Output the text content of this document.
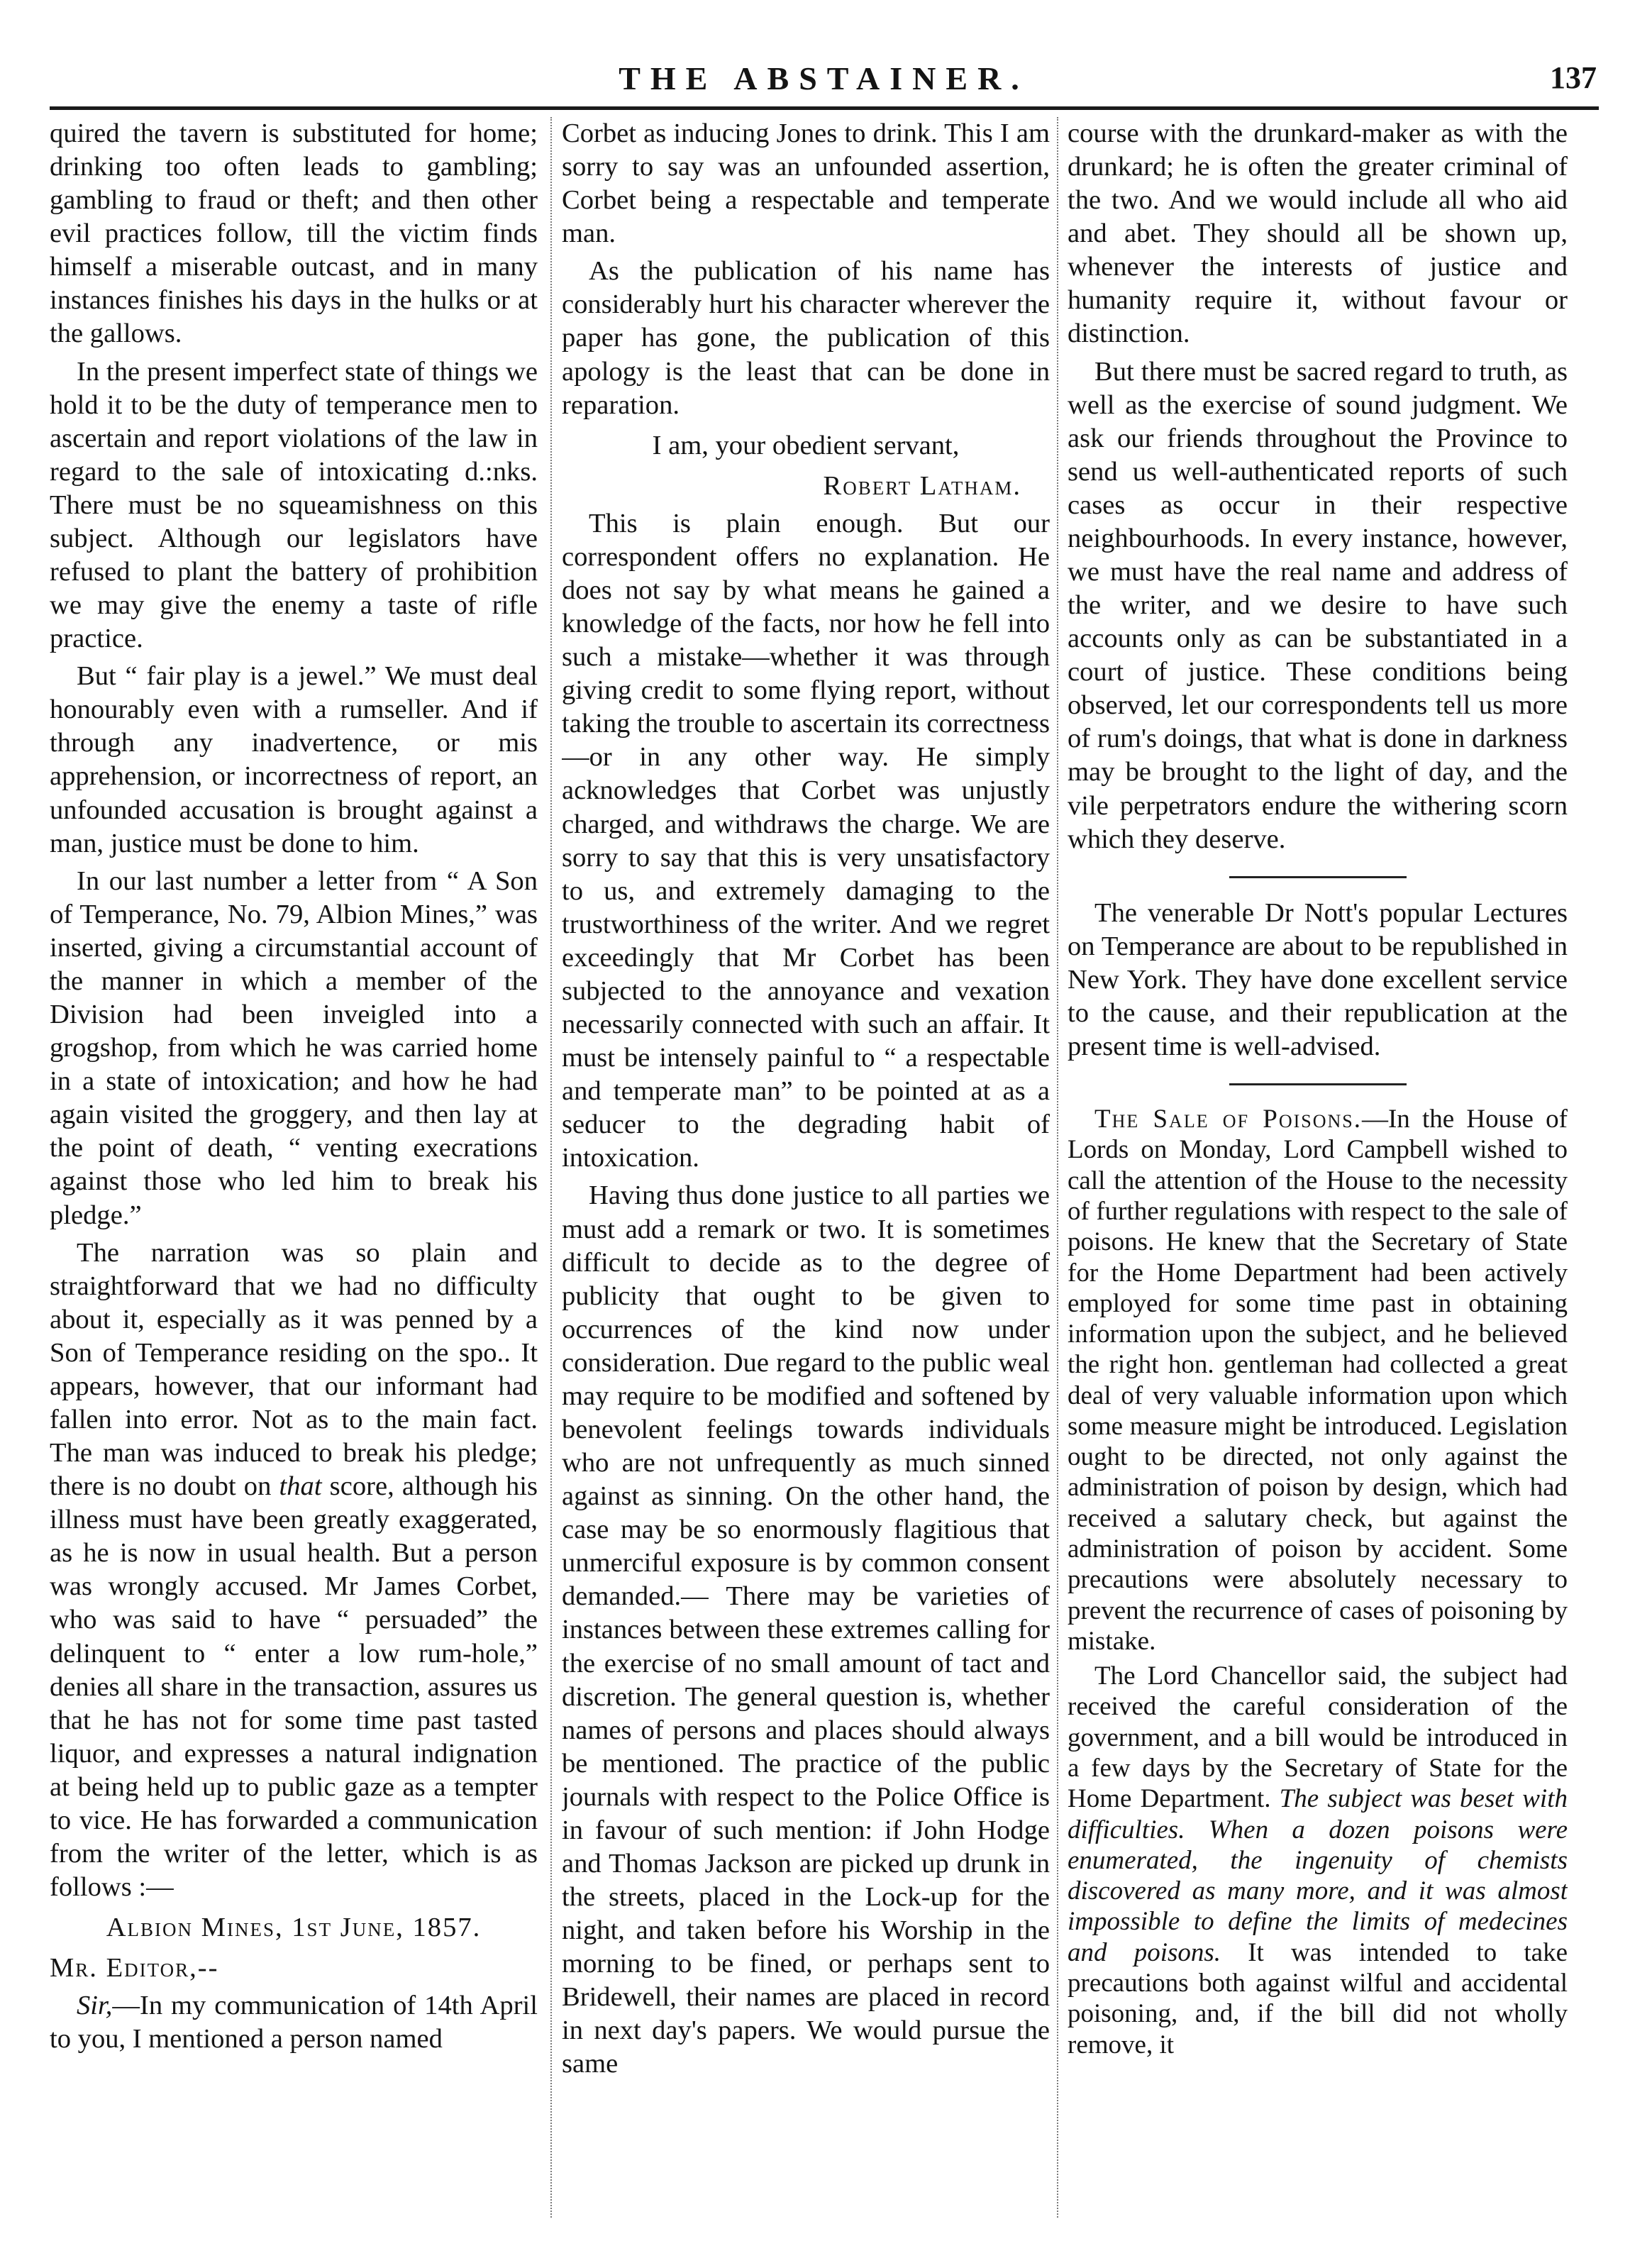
THE ABSTAINER.	137

quired the tavern is substituted for home; drinking too often leads to gambling; gambling to fraud or theft; and then other evil practices follow, till the victim finds himself a miserable outcast, and in many instances finishes his days in the hulks or at the gallows.

In the present imperfect state of things we hold it to be the duty of temperance men to ascertain and report violations of the law in regard to the sale of intoxicating d.:nks. There must be no squeamishness on this subject. Although our legislators have refused to plant the battery of prohibition we may give the enemy a taste of rifle practice.

But “ fair play is a jewel.” We must deal honourably even with a rumseller. And if through any inadvertence, or mis apprehension, or incorrectness of report, an unfounded accusation is brought against a man, justice must be done to him.

In our last number a letter from “ A Son of Temperance, No. 79, Albion Mines,” was inserted, giving a circumstantial account of the manner in which a member of the Division had been inveigled into a grogshop, from which he was carried home in a state of intoxication; and how he had again visited the groggery, and then lay at the point of death, “ venting execrations against those who led him to break his pledge.”

The narration was so plain and straightforward that we had no difficulty about it, especially as it was penned by a Son of Temperance residing on the spo.. It appears, however, that our informant had fallen into error. Not as to the main fact. The man was induced to break his pledge; there is no doubt on that score, although his illness must have been greatly exaggerated, as he is now in usual health. But a person was wrongly accused. Mr James Corbet, who was said to have “ persuaded” the delinquent to “ enter a low rum-hole,” denies all share in the transaction, assures us that he has not for some time past tasted liquor, and expresses a natural indignation at being held up to public gaze as a tempter to vice. He has forwarded a communication from the writer of the letter, which is as follows :—

Albion Mines, 1st June, 1857.

Mr. Editor,--

Sir,—In my communication of 14th April to you, I mentioned a person named

Corbet as inducing Jones to drink. This I am sorry to say was an unfounded assertion, Corbet being a respectable and temperate man.

As the publication of his name has considerably hurt his character wherever the paper has gone, the publication of this apology is the least that can be done in reparation.

I am, your obedient servant,

Robert Latham.

This is plain enough. But our correspondent offers no explanation. He does not say by what means he gained a knowledge of the facts, nor how he fell into such a mistake—whether it was through giving credit to some flying report, without taking the trouble to ascertain its correctness—or in any other way. He simply acknowledges that Corbet was unjustly charged, and withdraws the charge. We are sorry to say that this is very unsatisfactory to us, and extremely damaging to the trustworthiness of the writer. And we regret exceedingly that Mr Corbet has been subjected to the annoyance and vexation necessarily connected with such an affair. It must be intensely painful to “ a respectable and temperate man” to be pointed at as a seducer to the degrading habit of intoxication.

Having thus done justice to all parties we must add a remark or two. It is sometimes difficult to decide as to the degree of publicity that ought to be given to occurrences of the kind now under consideration. Due regard to the public weal may require to be modified and softened by benevolent feelings towards individuals who are not unfrequently as much sinned against as sinning. On the other hand, the case may be so enormously flagitious that unmerciful exposure is by common consent demanded.— There may be varieties of instances between these extremes calling for the exercise of no small amount of tact and discretion. The general question is, whether names of persons and places should always be mentioned. The practice of the public journals with respect to the Police Office is in favour of such mention: if John Hodge and Thomas Jackson are picked up drunk in the streets, placed in the Lock-up for the night, and taken before his Worship in the morning to be fined, or perhaps sent to Bridewell, their names are placed in record in next day's papers. We would pursue the same

course with the drunkard-maker as with the drunkard; he is often the greater criminal of the two. And we would include all who aid and abet. They should all be shown up, whenever the interests of justice and humanity require it, without favour or distinction.

But there must be sacred regard to truth, as well as the exercise of sound judgment. We ask our friends throughout the Province to send us well-authenticated reports of such cases as occur in their respective neighbourhoods. In every instance, however, we must have the real name and address of the writer, and we desire to have such accounts only as can be substantiated in a court of justice. These conditions being observed, let our correspondents tell us more of rum's doings, that what is done in darkness may be brought to the light of day, and the vile perpetrators endure the withering scorn which they deserve.

The venerable Dr Nott's popular Lectures on Temperance are about to be republished in New York. They have done excellent service to the cause, and their republication at the present time is well-advised.

The Sale of Poisons.—In the House of Lords on Monday, Lord Campbell wished to call the attention of the House to the necessity of further regulations with respect to the sale of poisons. He knew that the Secretary of State for the Home Department had been actively employed for some time past in obtaining information upon the subject, and he believed the right hon. gentleman had collected a great deal of very valuable information upon which some measure might be introduced. Legislation ought to be directed, not only against the administration of poison by design, which had received a salutary check, but against the administration of poison by accident. Some precautions were absolutely necessary to prevent the recurrence of cases of poisoning by mistake.

The Lord Chancellor said, the subject had received the careful consideration of the government, and a bill would be introduced in a few days by the Secretary of State for the Home Department. The subject was beset with difficulties. When a dozen poisons were enumerated, the ingenuity of chemists discovered as many more, and it was almost impossible to define the limits of medecines and poisons. It was intended to take precautions both against wilful and accidental poisoning, and, if the bill did not wholly remove, it
